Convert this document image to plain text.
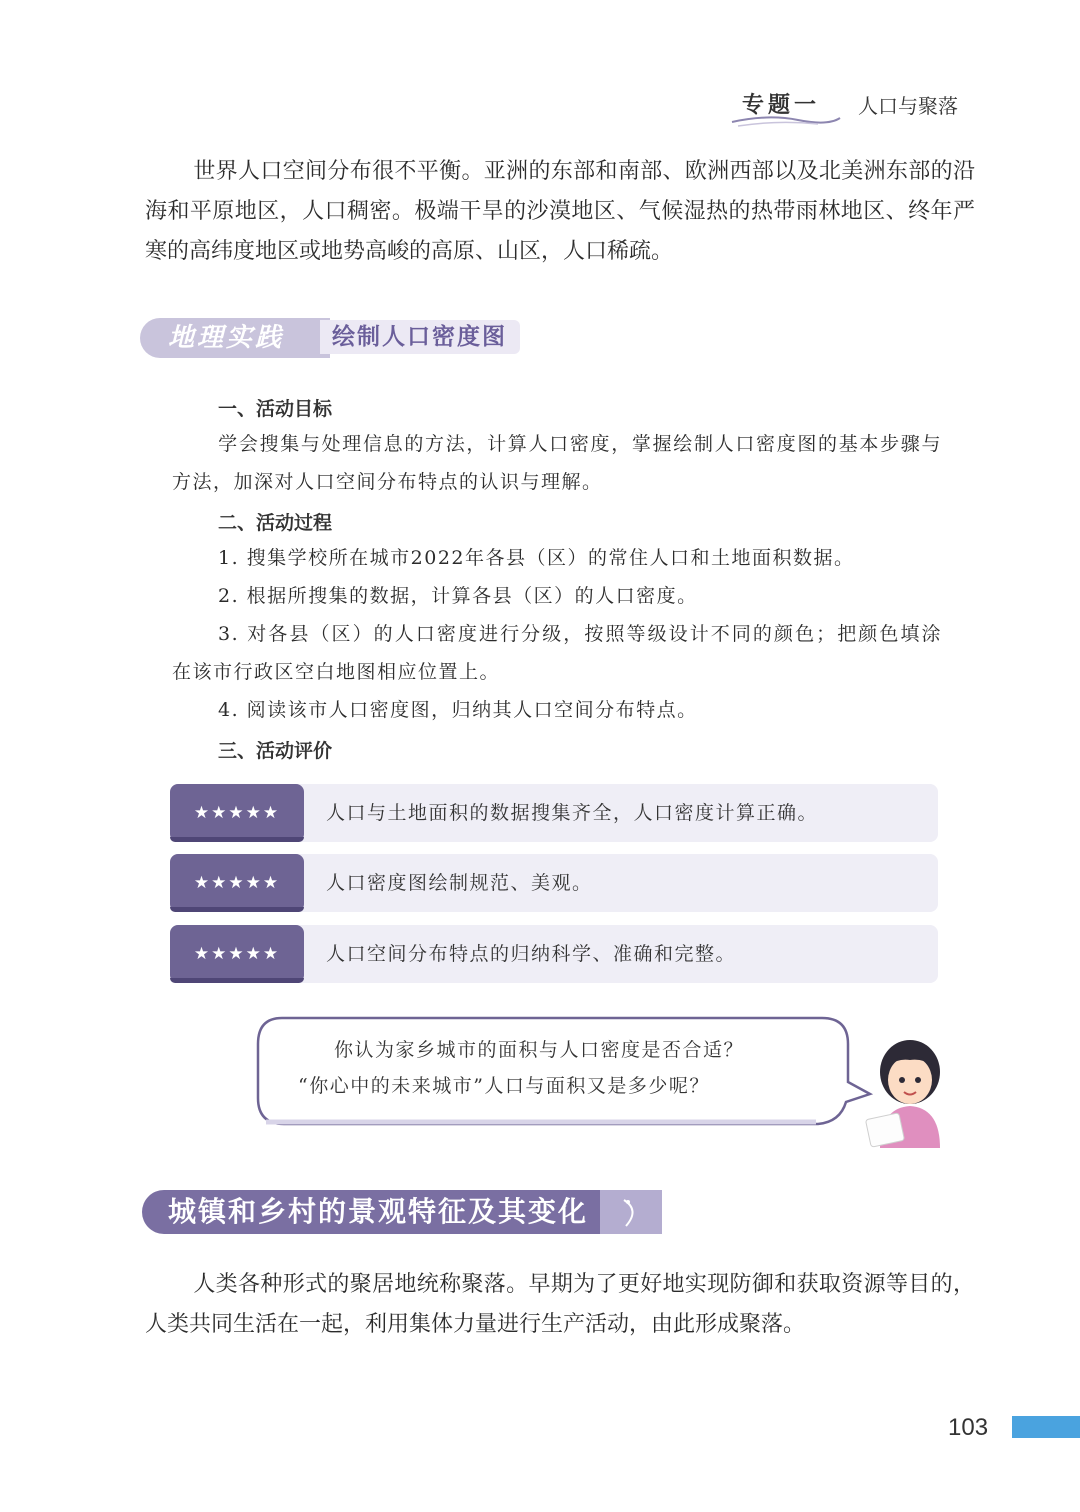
专题一 人口与聚落

世界人口空间分布很不平衡。亚洲的东部和南部、欧洲西部以及北美洲东部的沿海和平原地区，人口稠密。极端干旱的沙漠地区、气候湿热的热带雨林地区、终年严寒的高纬度地区或地势高峻的高原、山区，人口稀疏。

地理实践 绘制人口密度图
一、活动目标

学会搜集与处理信息的方法，计算人口密度，掌握绘制人口密度图的基本步骤与方法，加深对人口空间分布特点的认识与理解。

二、活动过程

1. 搜集学校所在城市2022年各县（区）的常住人口和土地面积数据。

2. 根据所搜集的数据，计算各县（区）的人口密度。

3. 对各县（区）的人口密度进行分级，按照等级设计不同的颜色；把颜色填涂在该市行政区空白地图相应位置上。

4. 阅读该市人口密度图，归纳其人口空间分布特点。

三、活动评价
★★★★★	人口与土地面积的数据搜集齐全，人口密度计算正确。
★★★★★	人口密度图绘制规范、美观。
★★★★★	人口空间分布特点的归纳科学、准确和完整。
你认为家乡城市的面积与人口密度是否合适？
“你心中的未来城市”人口与面积又是多少呢？
城镇和乡村的景观特征及其变化

人类各种形式的聚居地统称聚落。早期为了更好地实现防御和获取资源等目的，人类共同生活在一起，利用集体力量进行生产活动，由此形成聚落。

103
